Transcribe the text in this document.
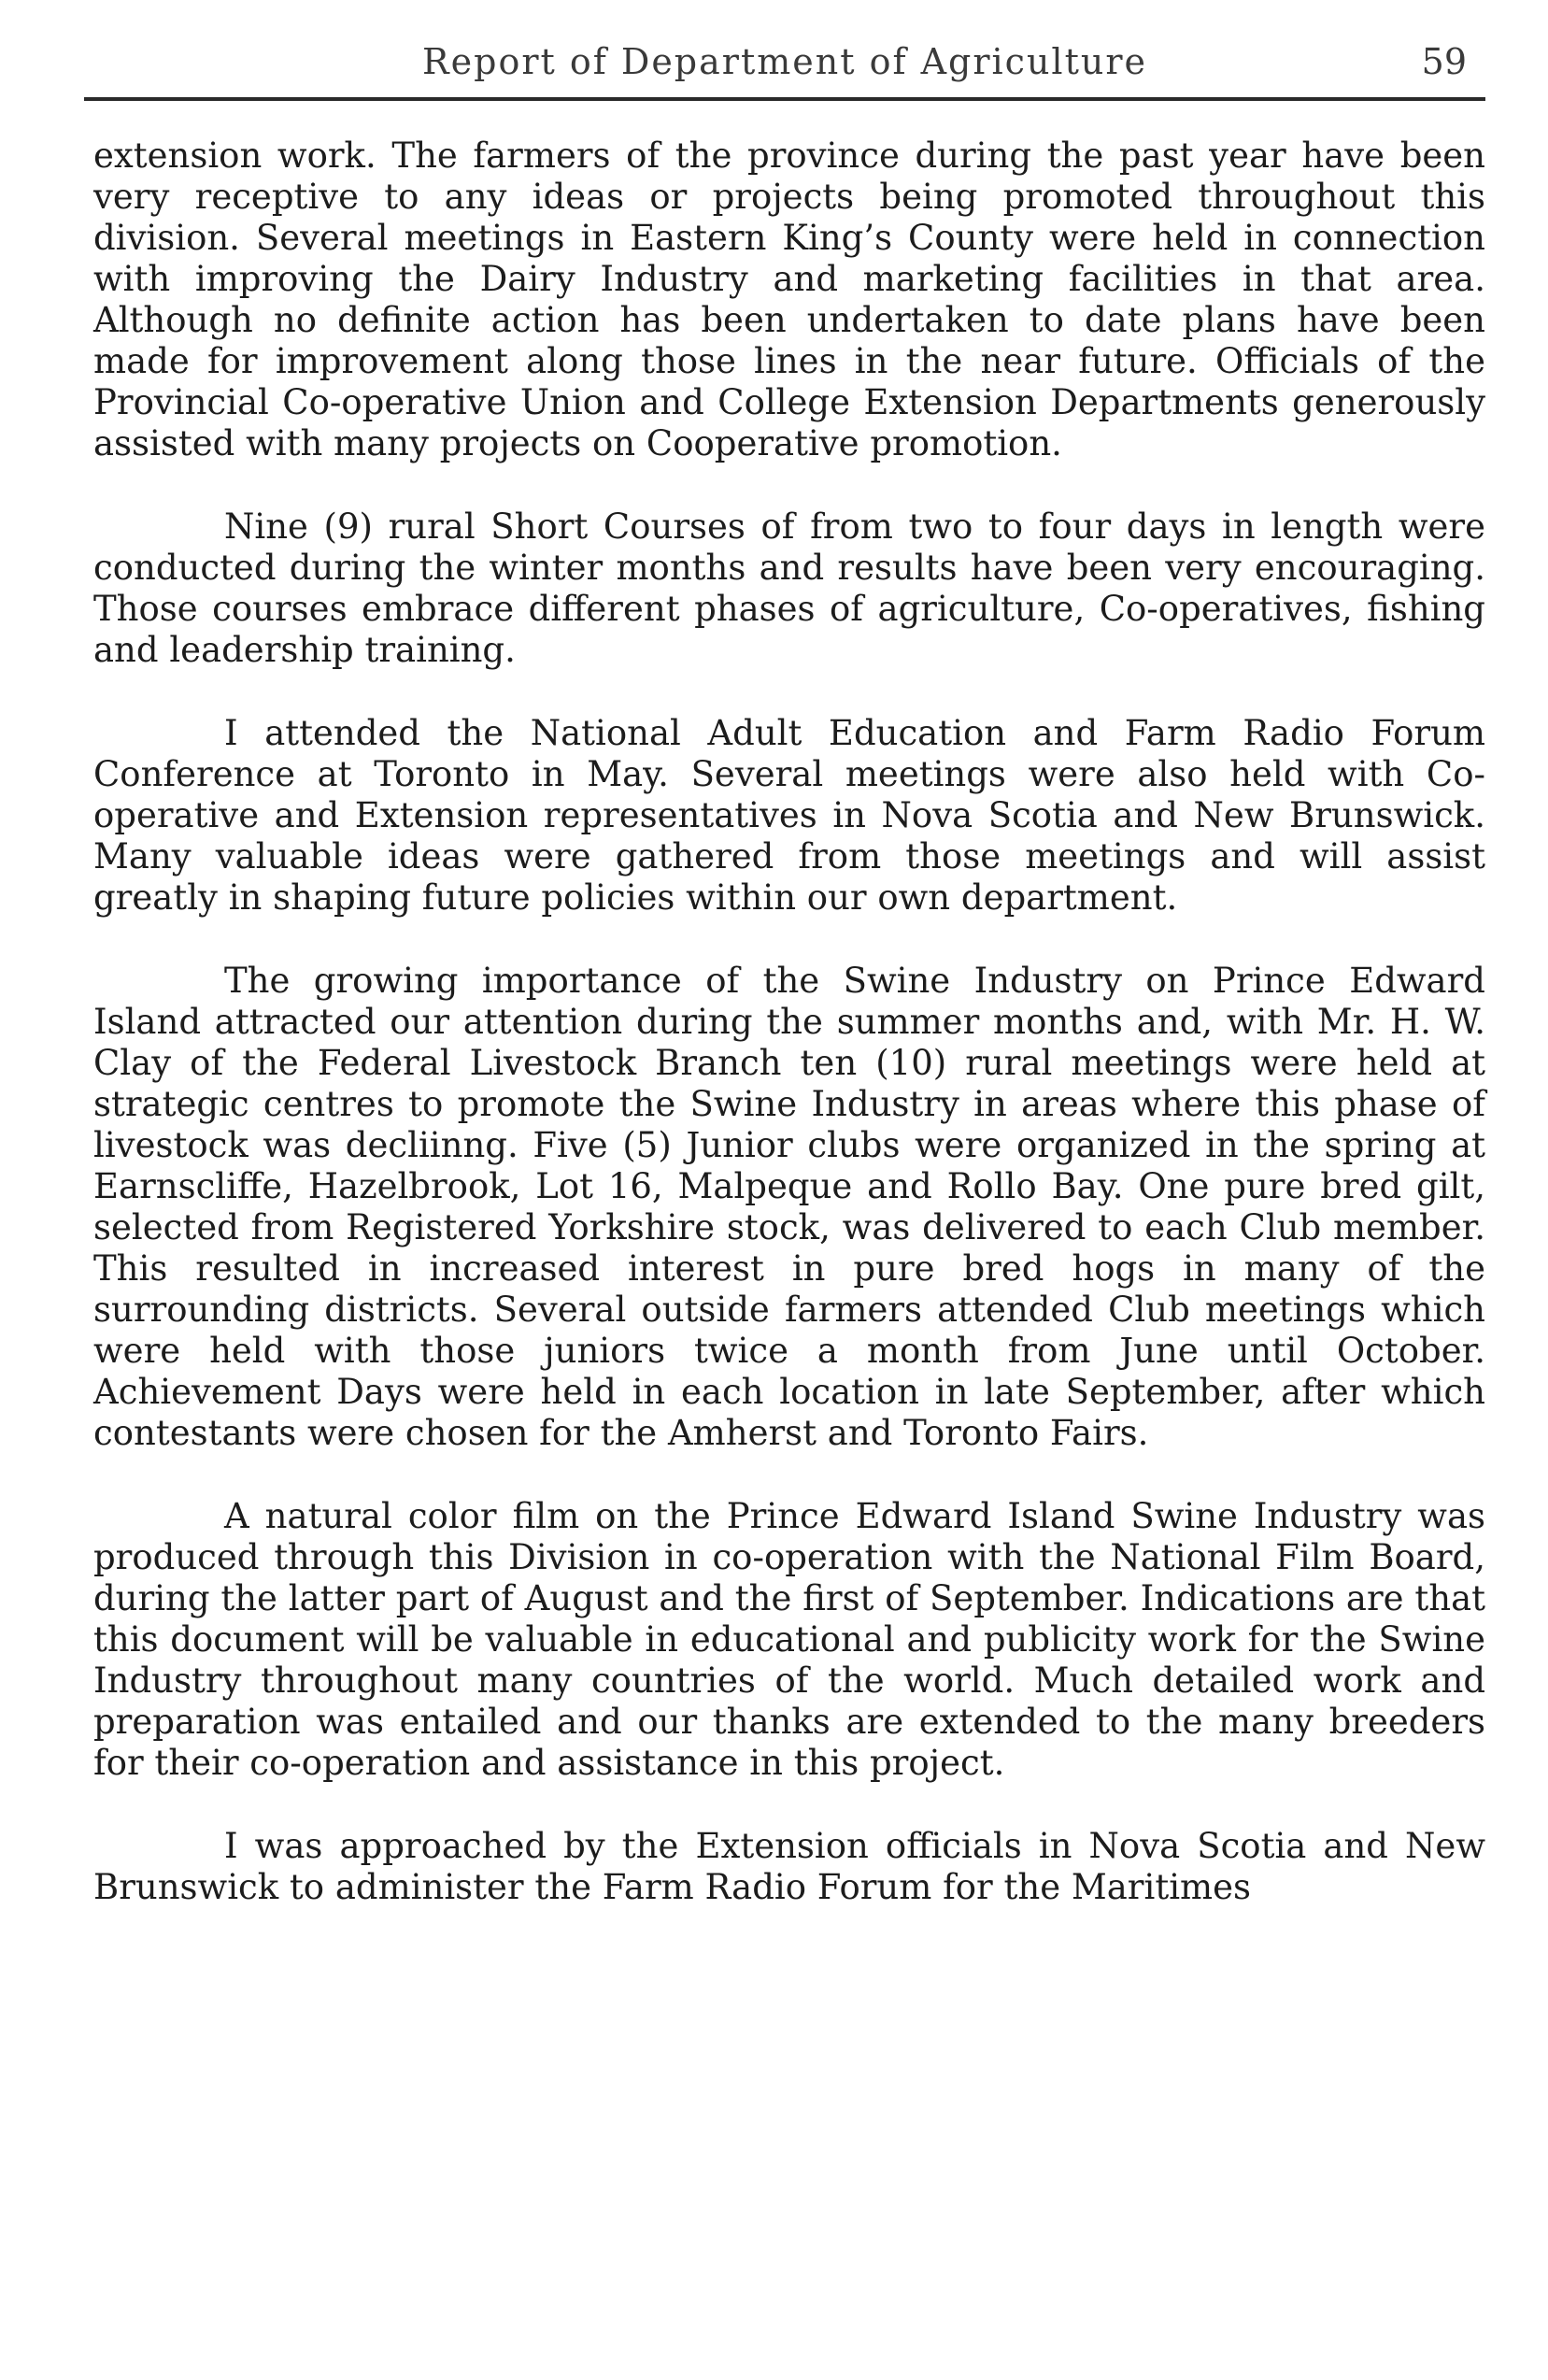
Report of Department of Agriculture	59

extension work. The farmers of the province during the past year have been very receptive to any ideas or projects being promoted throughout this division. Several meetings in Eastern King’s County were held in connection with improving the Dairy Industry and marketing facilities in that area. Although no definite action has been undertaken to date plans have been made for improvement along those lines in the near future. Officials of the Provincial Co-operative Union and College Extension Departments generously assisted with many projects on Cooperative promotion.

Nine (9) rural Short Courses of from two to four days in length were conducted during the winter months and results have been very encouraging. Those courses embrace different phases of agriculture, Co-operatives, fishing and leadership training.

I attended the National Adult Education and Farm Radio Forum Conference at Toronto in May. Several meetings were also held with Co-operative and Extension representatives in Nova Scotia and New Brunswick. Many valuable ideas were gathered from those meetings and will assist greatly in shaping future policies within our own department.

The growing importance of the Swine Industry on Prince Edward Island attracted our attention during the summer months and, with Mr. H. W. Clay of the Federal Livestock Branch ten (10) rural meetings were held at strategic centres to promote the Swine Industry in areas where this phase of livestock was decliinng. Five (5) Junior clubs were organized in the spring at Earnscliffe, Hazelbrook, Lot 16, Malpeque and Rollo Bay. One pure bred gilt, selected from Registered Yorkshire stock, was delivered to each Club member. This resulted in increased interest in pure bred hogs in many of the surrounding districts. Several outside farmers attended Club meetings which were held with those juniors twice a month from June until October. Achievement Days were held in each location in late September, after which contestants were chosen for the Amherst and Toronto Fairs.

A natural color film on the Prince Edward Island Swine Industry was produced through this Division in co-operation with the National Film Board, during the latter part of August and the first of September. Indications are that this document will be valuable in educational and publicity work for the Swine Industry throughout many countries of the world. Much detailed work and preparation was entailed and our thanks are extended to the many breeders for their co-operation and assistance in this project.

I was approached by the Extension officials in Nova Scotia and New Brunswick to administer the Farm Radio Forum for the Maritimes
